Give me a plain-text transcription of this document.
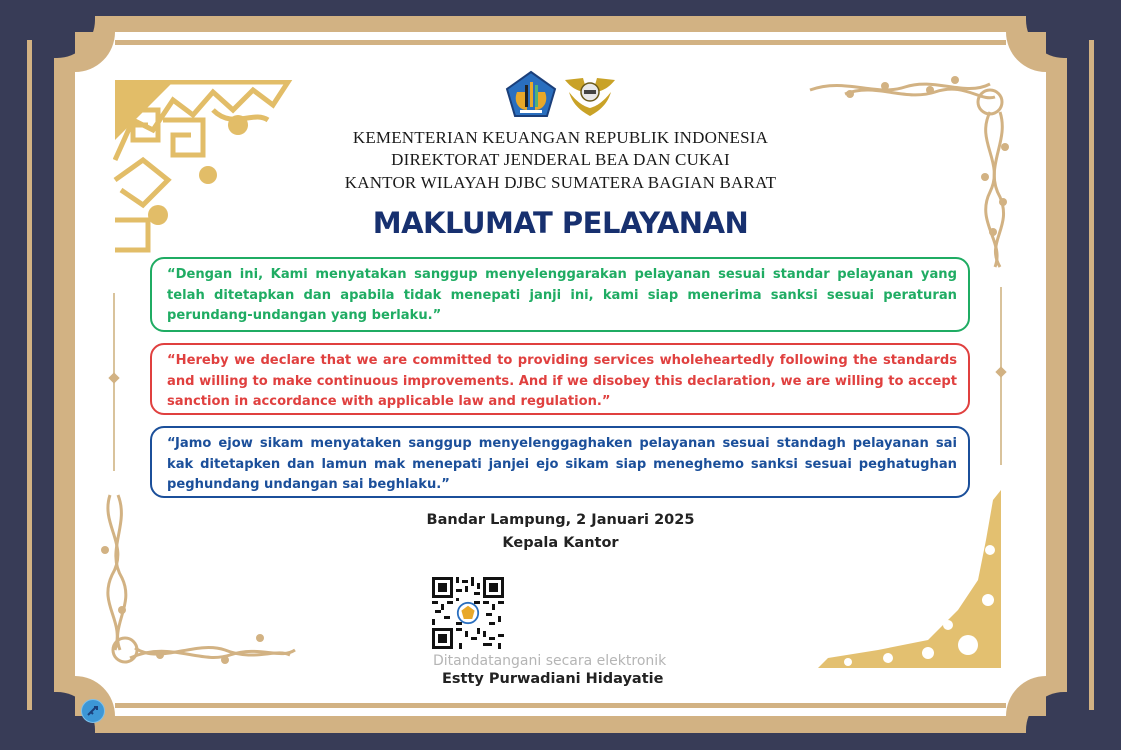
KEMENTERIAN KEUANGAN REPUBLIK INDONESIA
DIREKTORAT JENDERAL BEA DAN CUKAI
KANTOR WILAYAH DJBC SUMATERA BAGIAN BARAT
MAKLUMAT PELAYANAN
“Dengan ini, Kami menyatakan sanggup menyelenggarakan pelayanan sesuai standar pelayanan yang telah ditetapkan dan apabila tidak menepati janji ini, kami siap menerima sanksi sesuai peraturan perundang-undangan yang berlaku.”
“Hereby we declare that we are committed to providing services wholeheartedly following the standards and willing to make continuous improvements. And if we disobey this declaration, we are willing to accept sanction in accordance with applicable law and regulation.”
“Jamo ejow sikam menyataken sanggup menyelenggaghaken pelayanan sesuai standagh pelayanan sai kak ditetapken dan lamun mak menepati janjei ejo sikam siap meneghemo sanksi sesuai peghatughan peghundang undangan sai beghlaku.”
Bandar Lampung, 2 Januari 2025
Kepala Kantor
Ditandatangani secara elektronik
Estty Purwadiani Hidayatie
